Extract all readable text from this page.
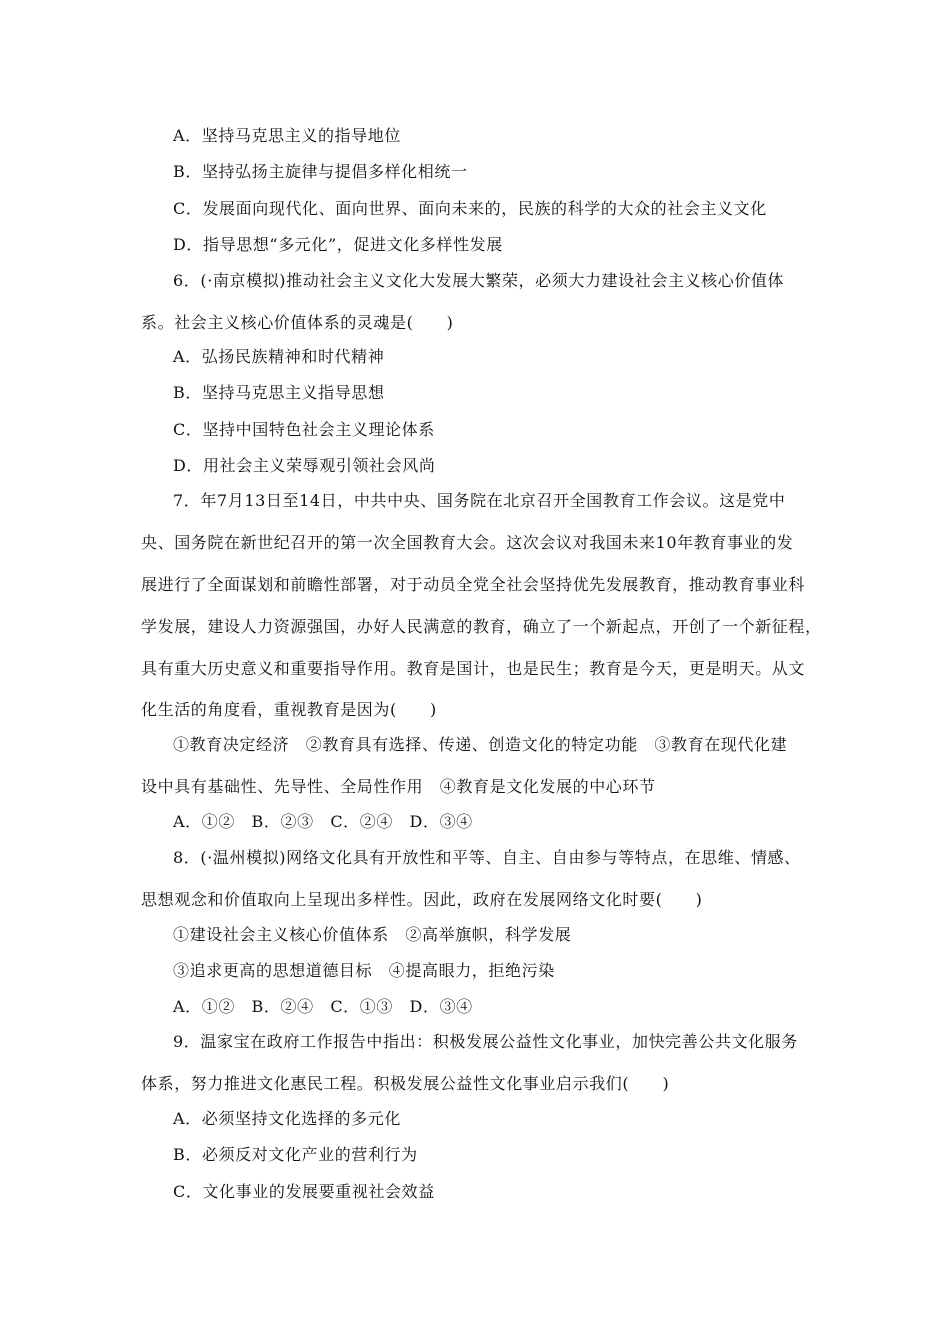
A．坚持马克思主义的指导地位
B．坚持弘扬主旋律与提倡多样化相统一
C．发展面向现代化、面向世界、面向未来的，民族的科学的大众的社会主义文化
D．指导思想“多元化”，促进文化多样性发展
6．(·南京模拟)推动社会主义文化大发展大繁荣，必须大力建设社会主义核心价值体
系。社会主义核心价值体系的灵魂是(　　)
A．弘扬民族精神和时代精神
B．坚持马克思主义指导思想
C．坚持中国特色社会主义理论体系
D．用社会主义荣辱观引领社会风尚
7．年7月13日至14日，中共中央、国务院在北京召开全国教育工作会议。这是党中
央、国务院在新世纪召开的第一次全国教育大会。这次会议对我国未来10年教育事业的发
展进行了全面谋划和前瞻性部署，对于动员全党全社会坚持优先发展教育，推动教育事业科
学发展，建设人力资源强国，办好人民满意的教育，确立了一个新起点，开创了一个新征程，
具有重大历史意义和重要指导作用。教育是国计，也是民生；教育是今天，更是明天。从文
化生活的角度看，重视教育是因为(　　)
①教育决定经济　②教育具有选择、传递、创造文化的特定功能　③教育在现代化建
设中具有基础性、先导性、全局性作用　④教育是文化发展的中心环节
A．①②　B．②③　C．②④　D．③④
8．(·温州模拟)网络文化具有开放性和平等、自主、自由参与等特点，在思维、情感、
思想观念和价值取向上呈现出多样性。因此，政府在发展网络文化时要(　　)
①建设社会主义核心价值体系　②高举旗帜，科学发展
③追求更高的思想道德目标　④提高眼力，拒绝污染
A．①②　B．②④　C．①③　D．③④
9．温家宝在政府工作报告中指出：积极发展公益性文化事业，加快完善公共文化服务
体系，努力推进文化惠民工程。积极发展公益性文化事业启示我们(　　)
A．必须坚持文化选择的多元化
B．必须反对文化产业的营利行为
C．文化事业的发展要重视社会效益
